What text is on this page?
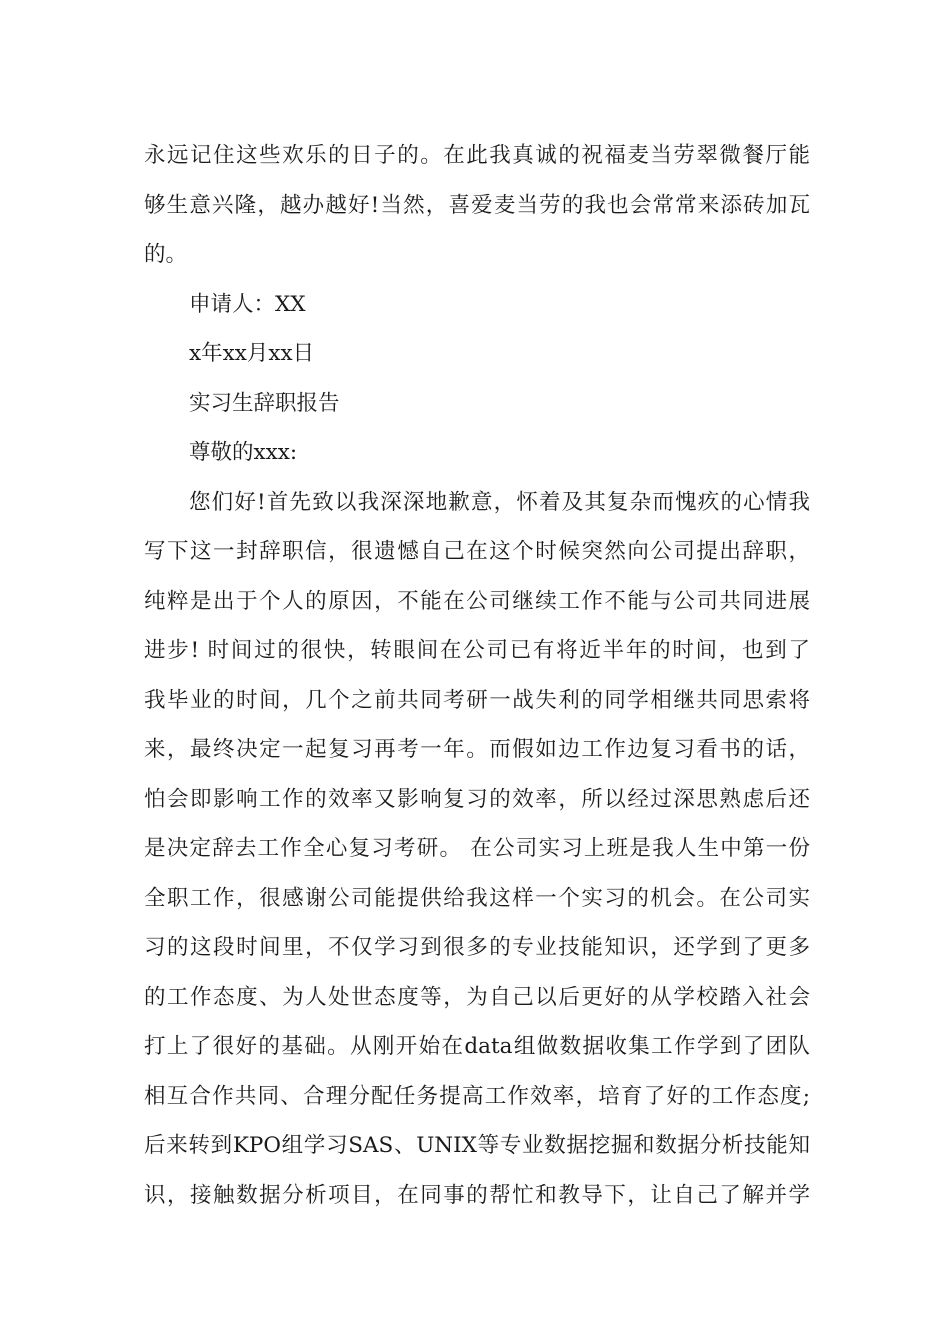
永远记住这些欢乐的日子的。在此我真诚的祝福麦当劳翠微餐厅能
够生意兴隆，越办越好!当然，喜爱麦当劳的我也会常常来添砖加瓦
的。
申请人：XX
x年xx月xx日
实习生辞职报告
尊敬的xxx:
您们好!首先致以我深深地歉意，怀着及其复杂而愧疚的心情我
写下这一封辞职信，很遗憾自己在这个时候突然向公司提出辞职，
纯粹是出于个人的原因，不能在公司继续工作不能与公司共同进展
进步! 时间过的很快，转眼间在公司已有将近半年的时间，也到了
我毕业的时间，几个之前共同考研一战失利的同学相继共同思索将
来，最终决定一起复习再考一年。而假如边工作边复习看书的话，
怕会即影响工作的效率又影响复习的效率，所以经过深思熟虑后还
是决定辞去工作全心复习考研。 在公司实习上班是我人生中第一份
全职工作，很感谢公司能提供给我这样一个实习的机会。在公司实
习的这段时间里，不仅学习到很多的专业技能知识，还学到了更多
的工作态度、为人处世态度等，为自己以后更好的从学校踏入社会
打上了很好的基础。从刚开始在data组做数据收集工作学到了团队
相互合作共同、合理分配任务提高工作效率，培育了好的工作态度;
后来转到KPO组学习SAS、UNIX等专业数据挖掘和数据分析技能知
识，接触数据分析项目，在同事的帮忙和教导下，让自己了解并学
